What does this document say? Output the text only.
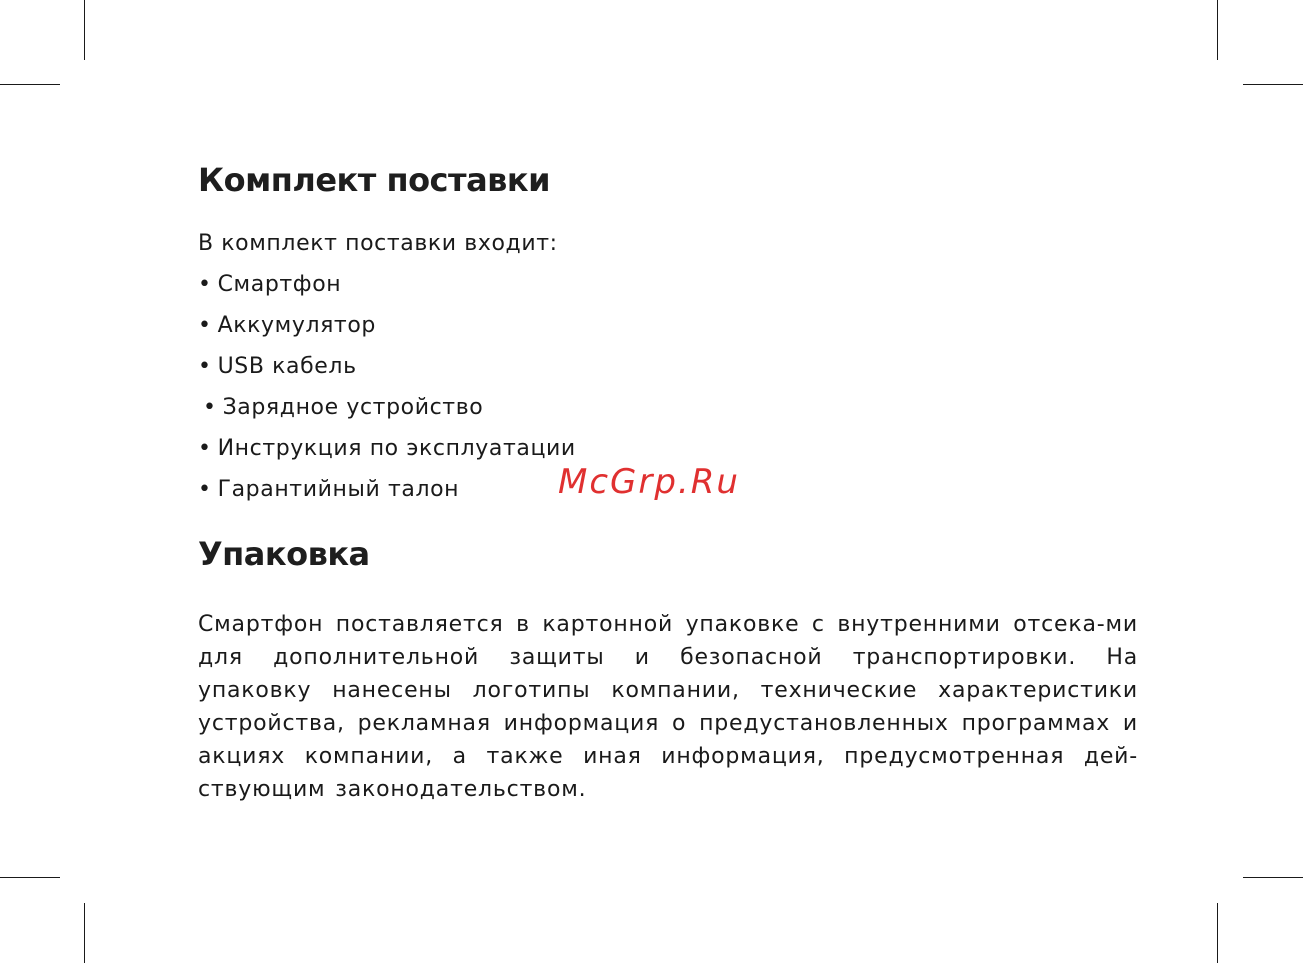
Комплект поставки

В комплект поставки входит:

• Смартфон
• Аккумулятор
• USB кабель
• Зарядное устройство
• Инструкция по эксплуатации
• Гарантийный талон
Упаковка

Смартфон поставляется в картонной упаковке с внутренними отсека-ми для дополнительной защиты и безопасной транспортировки. На упаковку нанесены логотипы компании, технические характеристики устройства, рекламная информация о предустановленных программах и акциях компании, а также иная информация, предусмотренная дей-ствующим законодательством.

McGrp.Ru
